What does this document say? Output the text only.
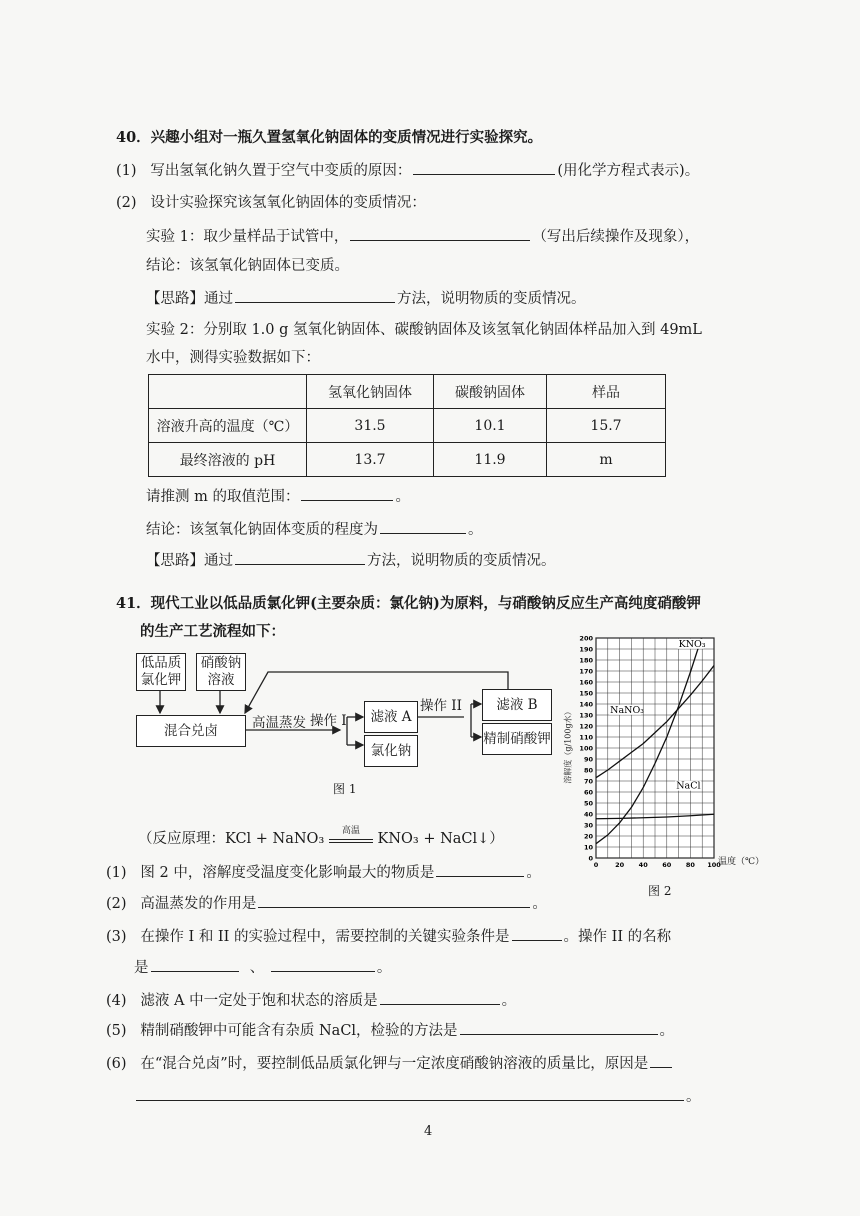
40．兴趣小组对一瓶久置氢氧化钠固体的变质情况进行实验探究。
(1) 写出氢氧化钠久置于空气中变质的原因：	(用化学方程式表示)。
(2) 设计实验探究该氢氧化钠固体的变质情况：
实验 1：取少量样品于试管中，	（写出后续操作及现象），
结论：该氢氧化钠固体已变质。
【思路】通过	方法，说明物质的变质情况。
实验 2：分别取 1.0 g 氢氧化钠固体、碳酸钠固体及该氢氧化钠固体样品加入到 49mL
水中，测得实验数据如下：
	氢氧化钠固体	碳酸钠固体	样品
溶液升高的温度（℃）	31.5	10.1	15.7
最终溶液的 pH	13.7	11.9	m
请推测 m 的取值范围：	。
结论：该氢氧化钠固体变质的程度为	。
【思路】通过	方法，说明物质的变质情况。
41．现代工业以低品质氯化钾(主要杂质：氯化钠)为原料，与硝酸钠反应生产高纯度硝酸钾
的生产工艺流程如下：
低品质氯化钾
硝酸钠溶液
混合兑卤	高温蒸发 操作 I	滤液 A
氯化钠
操作 II	滤液 B
精制硝酸钾
图 1
（反应原理：KCl + NaNO₃	高温	KNO₃ + NaCl↓）
0
10
20
30
40
50
60
70
80
90
100
110
120
130
140
150
160
170
180
190
200
0	20 40 60 80 100
KNO₃
NaNO₃
NaCl
溶解度（g/100g水）
温度（℃）
图 2
(1) 图 2 中，溶解度受温度变化影响最大的物质是	。
(2) 高温蒸发的作用是	。
(3) 在操作 I 和 II 的实验过程中，需要控制的关键实验条件是	。操作 II 的名称
是	、	。
(4) 滤液 A 中一定处于饱和状态的溶质是	。
(5) 精制硝酸钾中可能含有杂质 NaCl，检验的方法是	。
(6) 在“混合兑卤”时，要控制低品质氯化钾与一定浓度硝酸钠溶液的质量比，原因是
。
4
